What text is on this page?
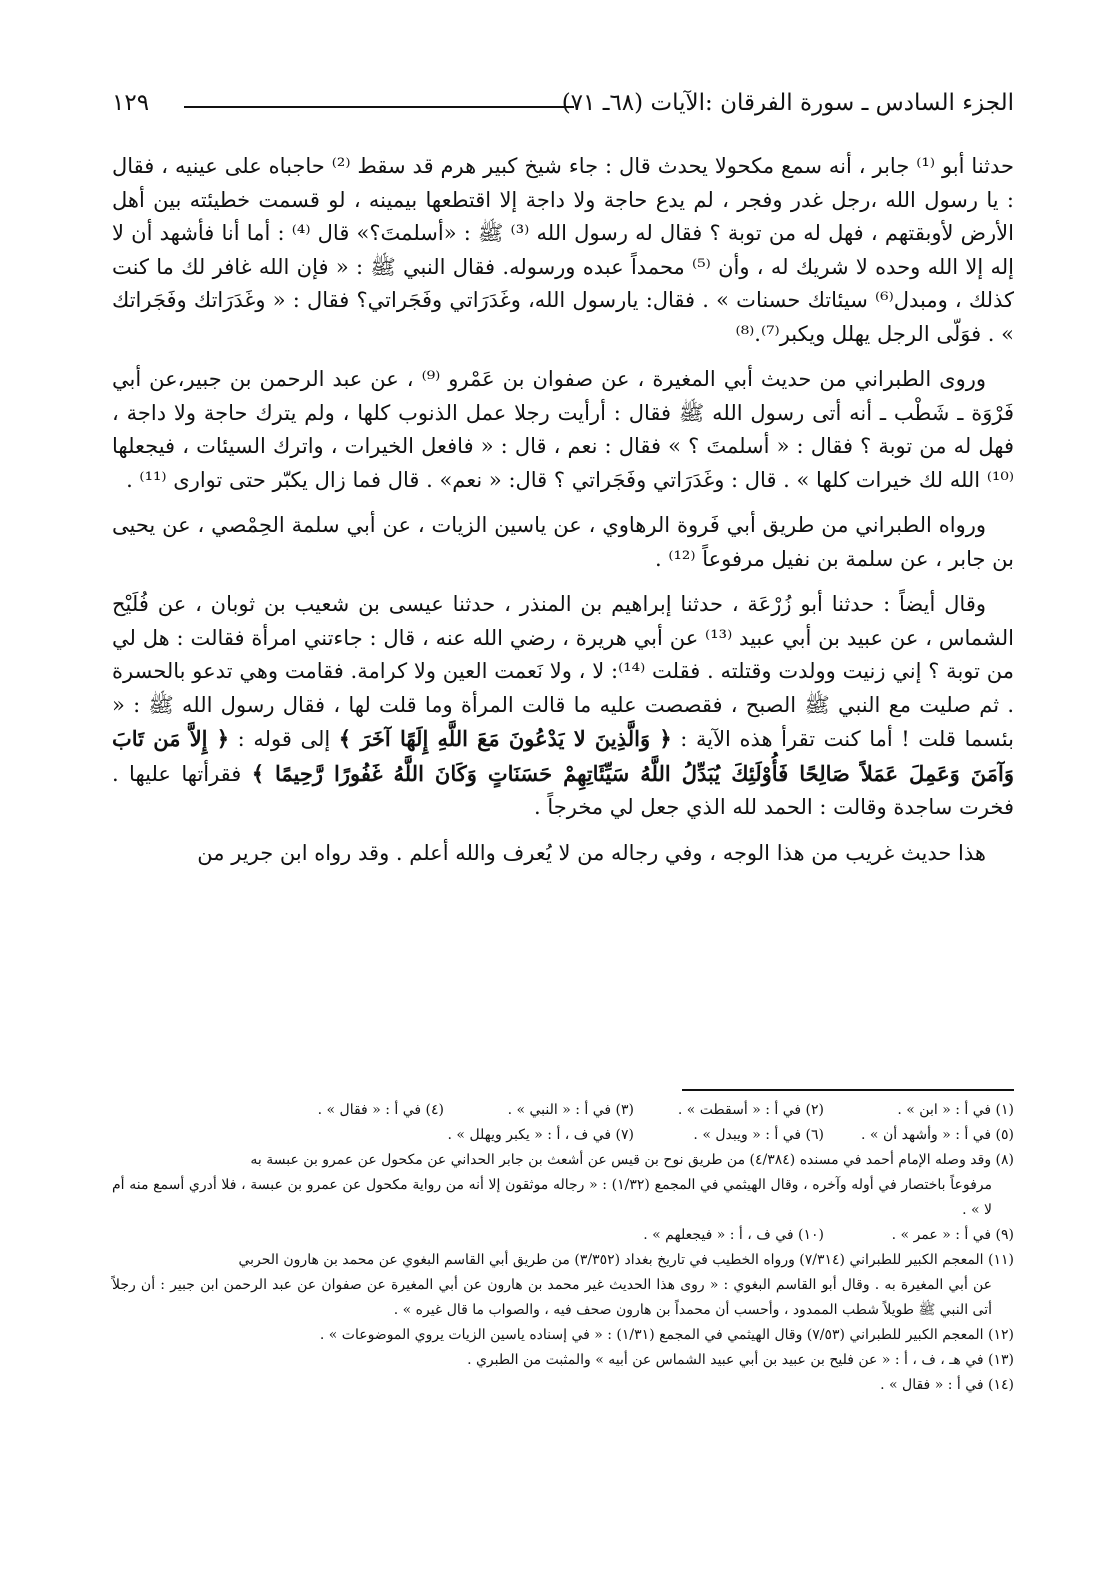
الجزء السادس ـ سورة الفرقان :الآيات (٦٨ـ ٧١)
١٢٩

حدثنا أبو ⁽¹⁾ جابر ، أنه سمع مكحولا يحدث قال : جاء شيخ كبير هرم قد سقط ⁽²⁾ حاجباه على عينيه ، فقال : يا رسول الله ،رجل غدر وفجر ، لم يدع حاجة ولا داجة إلا اقتطعها بيمينه ، لو قسمت خطيئته بين أهل الأرض لأوبقتهم ، فهل له من توبة ؟ فقال له رسول الله ⁽³⁾ ﷺ : «أسلمتَ؟» قال ⁽⁴⁾ : أما أنا فأشهد أن لا إله إلا الله وحده لا شريك له ، وأن ⁽⁵⁾ محمداً عبده ورسوله. فقال النبي ﷺ : « فإن الله غافر لك ما كنت كذلك ، ومبدل⁽⁶⁾ سيئاتك حسنات » . فقال: يارسول الله، وغَدَرَاتي وفَجَراتي؟ فقال : « وغَدَرَاتك وفَجَراتك » . فوَلّى الرجل يهلل ويكبر⁽⁷⁾.⁽⁸⁾

وروى الطبراني من حديث أبي المغيرة ، عن صفوان بن عَمْرو ⁽⁹⁾ ، عن عبد الرحمن بن جبير،عن أبي فَرْوَة ـ شَطْب ـ أنه أتى رسول الله ﷺ فقال : أرأيت رجلا عمل الذنوب كلها ، ولم يترك حاجة ولا داجة ، فهل له من توبة ؟ فقال : « أسلمتَ ؟ » فقال : نعم ، قال : « فافعل الخيرات ، واترك السيئات ، فيجعلها ⁽¹⁰⁾ الله لك خيرات كلها » . قال : وغَدَرَاتي وفَجَراتي ؟ قال: « نعم» . قال فما زال يكبّر حتى توارى ⁽¹¹⁾ .

ورواه الطبراني من طريق أبي فَروة الرهاوي ، عن ياسين الزيات ، عن أبي سلمة الحِمْصي ، عن يحيى بن جابر ، عن سلمة بن نفيل مرفوعاً ⁽¹²⁾ .

وقال أيضاً : حدثنا أبو زُرْعَة ، حدثنا إبراهيم بن المنذر ، حدثنا عيسى بن شعيب بن ثوبان ، عن فُلَيْح الشماس ، عن عبيد بن أبي عبيد ⁽¹³⁾ عن أبي هريرة ، رضي الله عنه ، قال : جاءتني امرأة فقالت : هل لي من توبة ؟ إني زنيت وولدت وقتلته . فقلت ⁽¹⁴⁾: لا ، ولا نَعمت العين ولا كرامة. فقامت وهي تدعو بالحسرة . ثم صليت مع النبي ﷺ الصبح ، فقصصت عليه ما قالت المرأة وما قلت لها ، فقال رسول الله ﷺ : « بئسما قلت ! أما كنت تقرأ هذه الآية : ﴿ وَالَّذِينَ لا يَدْعُونَ مَعَ اللَّهِ إِلَهًا آخَرَ ﴾ إلى قوله : ﴿ إِلاَّ مَن تَابَ وَآمَنَ وَعَمِلَ عَمَلاً صَالِحًا فَأُوْلَئِكَ يُبَدِّلُ اللَّهُ سَيِّئَاتِهِمْ حَسَنَاتٍ وَكَانَ اللَّهُ غَفُورًا رَّحِيمًا ﴾ فقرأتها عليها . فخرت ساجدة وقالت : الحمد لله الذي جعل لي مخرجاً .

هذا حديث غريب من هذا الوجه ، وفي رجاله من لا يُعرف والله أعلم . وقد رواه ابن جرير من

(١) في أ : « ابن » .
(٢) في أ : « أسقطت » .
(٣) في أ : « النبي » .
(٤) في أ : « فقال » .
(٥) في أ : « وأشهد أن » .
(٦) في أ : « ويبدل » .
(٧) في ف ، أ : « يكبر ويهلل » .
(٨) وقد وصله الإمام أحمد في مسنده (٤/٣٨٤) من طريق نوح بن قيس عن أشعث بن جابر الحداني عن مكحول عن عمرو بن عبسة به
مرفوعاً باختصار في أوله وآخره ، وقال الهيثمي في المجمع (١/٣٢) : « رجاله موثقون إلا أنه من رواية مكحول عن عمرو بن عبسة ، فلا أدري أسمع منه أم لا » .
(٩) في أ : « عمر » .
(١٠) في ف ، أ : « فيجعلهم » .
(١١) المعجم الكبير للطبراني (٧/٣١٤) ورواه الخطيب في تاريخ بغداد (٣/٣٥٢) من طريق أبي القاسم البغوي عن محمد بن هارون الحربي
عن أبي المغيرة به . وقال أبو القاسم البغوي : « روى هذا الحديث غير محمد بن هارون عن أبي المغيرة عن صفوان عن عبد الرحمن ابن جبير : أن رجلاً أتى النبي ﷺ طويلاً شطب الممدود ، وأحسب أن محمداً بن هارون صحف فيه ، والصواب ما قال غيره » .
(١٢) المعجم الكبير للطبراني (٧/٥٣) وقال الهيثمي في المجمع (١/٣١) : « في إسناده ياسين الزيات يروي الموضوعات » .
(١٣) في هـ ، ف ، أ : « عن فليح بن عبيد بن أبي عبيد الشماس عن أبيه » والمثبت من الطبري .
(١٤) في أ : « فقال » .
